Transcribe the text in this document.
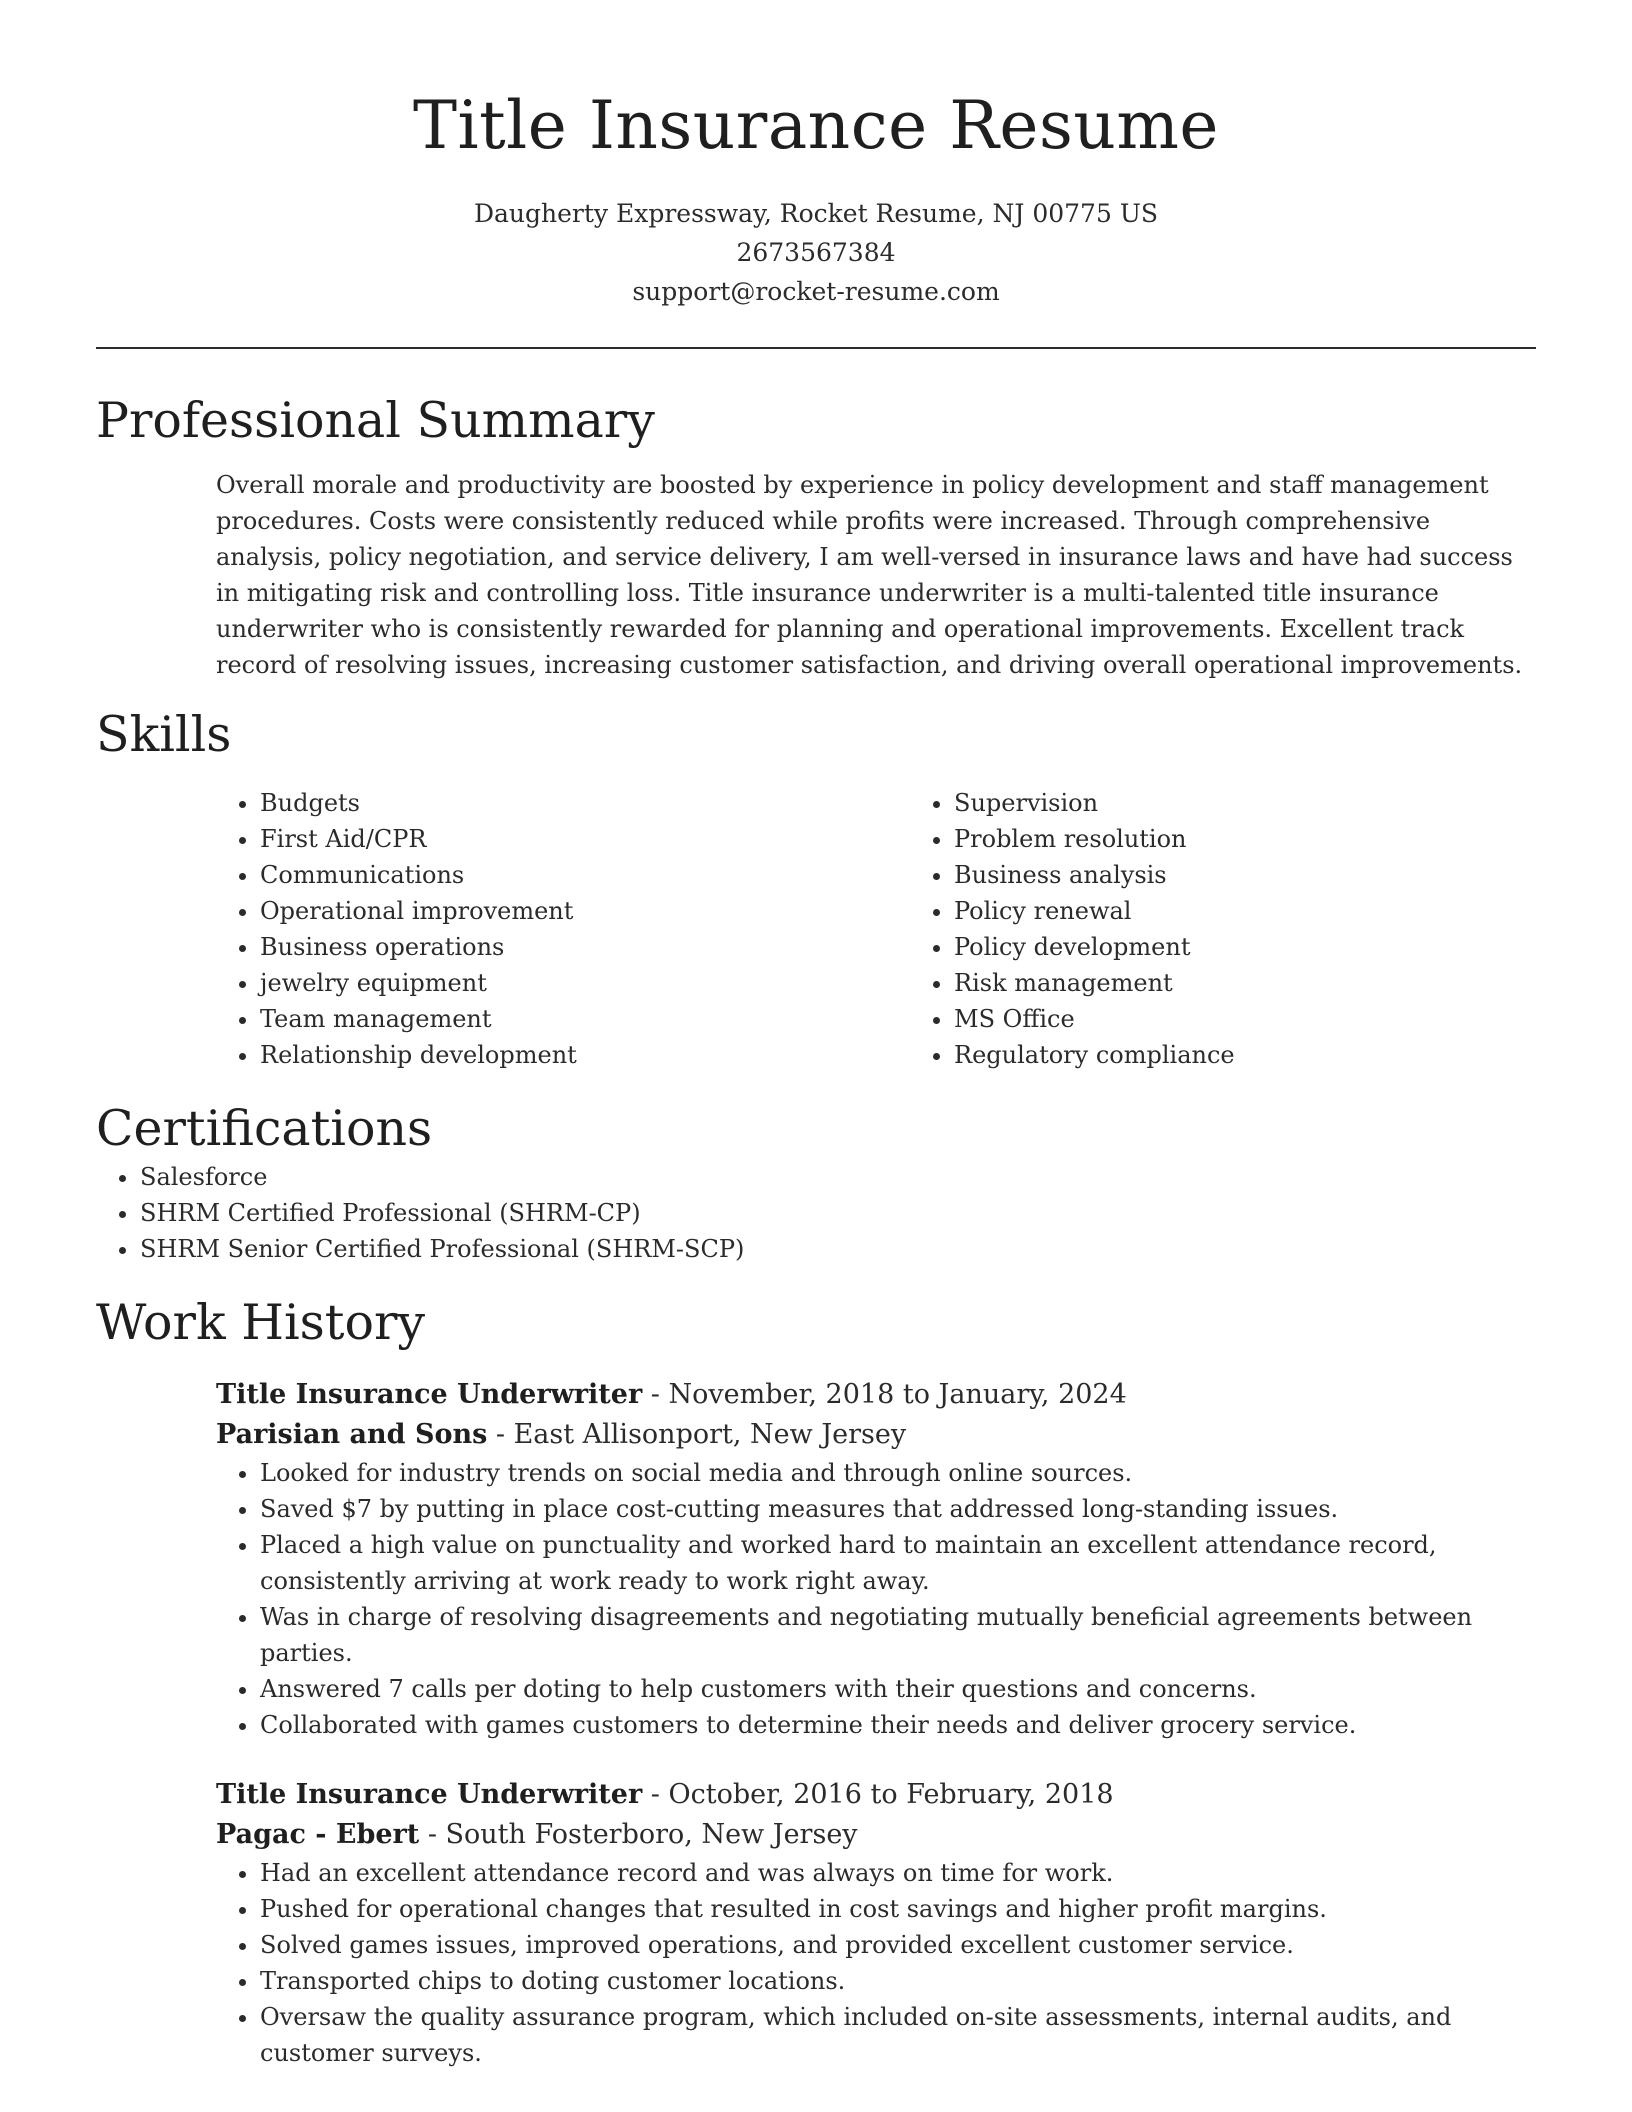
Title Insurance Resume

Daugherty Expressway, Rocket Resume, NJ 00775 US

2673567384

support@rocket-resume.com

Professional Summary

Overall morale and productivity are boosted by experience in policy development and staff management procedures. Costs were consistently reduced while profits were increased. Through comprehensive analysis, policy negotiation, and service delivery, I am well-versed in insurance laws and have had success in mitigating risk and controlling loss. Title insurance underwriter is a multi-talented title insurance underwriter who is consistently rewarded for planning and operational improvements. Excellent track record of resolving issues, increasing customer satisfaction, and driving overall operational improvements.

Skills
• Budgets
• First Aid/CPR
• Communications
• Operational improvement
• Business operations
• jewelry equipment
• Team management
• Relationship development
• Supervision
• Problem resolution
• Business analysis
• Policy renewal
• Policy development
• Risk management
• MS Office
• Regulatory compliance
Certifications
• Salesforce
• SHRM Certified Professional (SHRM-CP)
• SHRM Senior Certified Professional (SHRM-SCP)
Work History

Title Insurance Underwriter - November, 2018 to January, 2024

Parisian and Sons - East Allisonport, New Jersey

• Looked for industry trends on social media and through online sources.
• Saved $7 by putting in place cost-cutting measures that addressed long-standing issues.
• Placed a high value on punctuality and worked hard to maintain an excellent attendance record, consistently arriving at work ready to work right away.
• Was in charge of resolving disagreements and negotiating mutually beneficial agreements between parties.
• Answered 7 calls per doting to help customers with their questions and concerns.
• Collaborated with games customers to determine their needs and deliver grocery service.

Title Insurance Underwriter - October, 2016 to February, 2018

Pagac - Ebert - South Fosterboro, New Jersey

• Had an excellent attendance record and was always on time for work.
• Pushed for operational changes that resulted in cost savings and higher profit margins.
• Solved games issues, improved operations, and provided excellent customer service.
• Transported chips to doting customer locations.
• Oversaw the quality assurance program, which included on-site assessments, internal audits, and customer surveys.
